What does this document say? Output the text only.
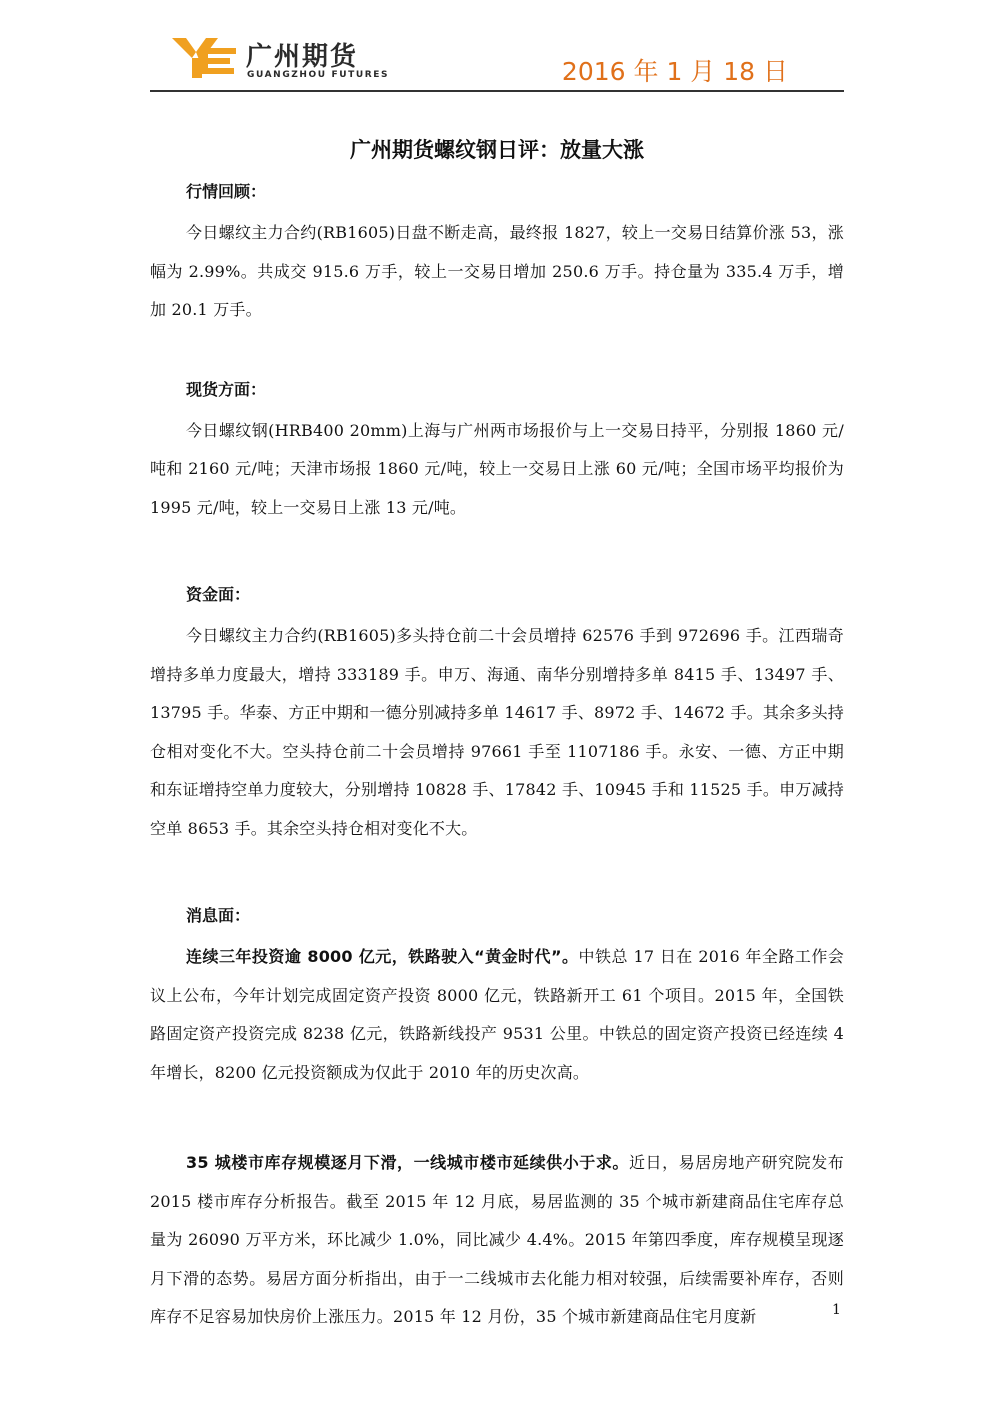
广州期货
GUANGZHOU FUTURES	2016 年 1 月 18 日
广州期货螺纹钢日评：放量大涨
行情回顾：

今日螺纹主力合约(RB1605)日盘不断走高，最终报 1827，较上一交易日结算价涨 53，涨幅为 2.99%。共成交 915.6 万手，较上一交易日增加 250.6 万手。持仓量为 335.4 万手，增加 20.1 万手。

现货方面：

今日螺纹钢(HRB400 20mm)上海与广州两市场报价与上一交易日持平，分别报 1860 元/吨和 2160 元/吨；天津市场报 1860 元/吨，较上一交易日上涨 60 元/吨；全国市场平均报价为 1995 元/吨，较上一交易日上涨 13 元/吨。

资金面：

今日螺纹主力合约(RB1605)多头持仓前二十会员增持 62576 手到 972696 手。江西瑞奇增持多单力度最大，增持 333189 手。申万、海通、南华分别增持多单 8415 手、13497 手、13795 手。华泰、方正中期和一德分别减持多单 14617 手、8972 手、14672 手。其余多头持仓相对变化不大。空头持仓前二十会员增持 97661 手至 1107186 手。永安、一德、方正中期和东证增持空单力度较大，分别增持 10828 手、17842 手、10945 手和 11525 手。申万减持空单 8653 手。其余空头持仓相对变化不大。

消息面：

连续三年投资逾 8000 亿元，铁路驶入“黄金时代”。中铁总 17 日在 2016 年全路工作会议上公布，今年计划完成固定资产投资 8000 亿元，铁路新开工 61 个项目。2015 年，全国铁路固定资产投资完成 8238 亿元，铁路新线投产 9531 公里。中铁总的固定资产投资已经连续 4 年增长，8200 亿元投资额成为仅此于 2010 年的历史次高。

35 城楼市库存规模逐月下滑，一线城市楼市延续供小于求。近日，易居房地产研究院发布 2015 楼市库存分析报告。截至 2015 年 12 月底，易居监测的 35 个城市新建商品住宅库存总量为 26090 万平方米，环比减少 1.0%，同比减少 4.4%。2015 年第四季度，库存规模呈现逐月下滑的态势。易居方面分析指出，由于一二线城市去化能力相对较强，后续需要补库存，否则库存不足容易加快房价上涨压力。2015 年 12 月份，35 个城市新建商品住宅月度新	1
